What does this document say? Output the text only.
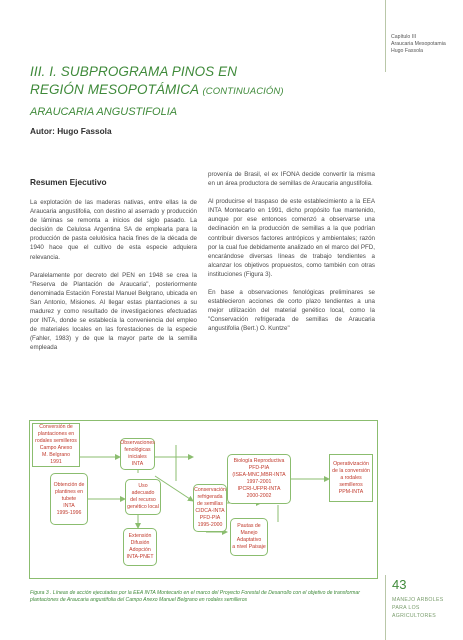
Capítulo III
Araucaria Mesopotamia
Hugo Fassola
III. I. SUBPROGRAMA PINOS EN
REGIÓN MESOPOTÁMICA (CONTINUACIÓN)
ARAUCARIA ANGUSTIFOLIA
Autor: Hugo Fassola
Resumen Ejecutivo

La explotación de las maderas nativas, entre ellas la de Araucaria angustifolia, con destino al aserrado y producción de láminas se remonta a inicios del siglo pasado. La decisión de Celulosa Argentina SA de emplearla para la producción de pasta celulósica hacia fines de la década de 1940 hace que el cultivo de esta especie adquiera relevancia.

Paralelamente por decreto del PEN en 1948 se crea la "Reserva de Plantación de Araucaria", posteriormente denominada Estación Forestal Manuel Belgrano, ubicada en San Antonio, Misiones. Al llegar estas plantaciones a su madurez y como resultado de investigaciones efectuadas por INTA, donde se establecía la conveniencia del empleo de materiales locales en las forestaciones de la especie (Fahler, 1983) y de que la mayor parte de la semilla empleada

provenía de Brasil, el ex IFONA decide convertir la misma en un área productora de semillas de Araucaria angustifolia.

Al producirse el traspaso de este establecimiento a la EEA INTA Montecarlo en 1991, dicho propósito fue mantenido, aunque por ese entonces comenzó a observarse una declinación en la producción de semillas a la que podrían contribuir diversos factores antrópicos y ambientales; razón por la cual fue debidamente analizado en el marco del PFD, encarándose diversas líneas de trabajo tendientes a alcanzar los objetivos propuestos, como también con otras instituciones (Figura 3).

En base a observaciones fenológicas preliminares se establecieron acciones de corto plazo tendientes a una mejor utilización del material genético local, como la "Conservación refrigerada de semillas de Araucaria angustifolia (Bert.) O. Kuntze"

Conversión de
plantaciones en
rodales semilleros
Campo Anexo
M. Belgrano
1991
Observaciones
fenológicas
iniciales
INTA
Obtención de
plantines en
tubete
INTA
1995-1996
Uso adecuado
del recurso
genético local
Extensión
Difusión
Adopción
INTA-PNET
Conservación
refrigerada
de semillas
CIDCA-INTA
PFD-PIA
1995-2000
Biología Reproductiva
PFD-PIA
(ISEA-MNC,MBR-INTA
1997-2001
IPCRI-UFPR-INTA
2000-2002
Pautas de
Manejo
Adaptativo
a nivel Paisaje
Operativización
de la conversión
a rodales
semilleros
PPM-INTA
Figura 3 . Líneas de acción ejecutadas por la EEA INTA Montecarlo en el marco del Proyecto Forestal de Desarrollo con el objetivo de transformar plantaciones de Araucaria angustifolia del Campo Anexo Manuel Belgrano en rodales semilleros
43
MANEJO ARBOLES
PARA LOS
AGRICULTORES
